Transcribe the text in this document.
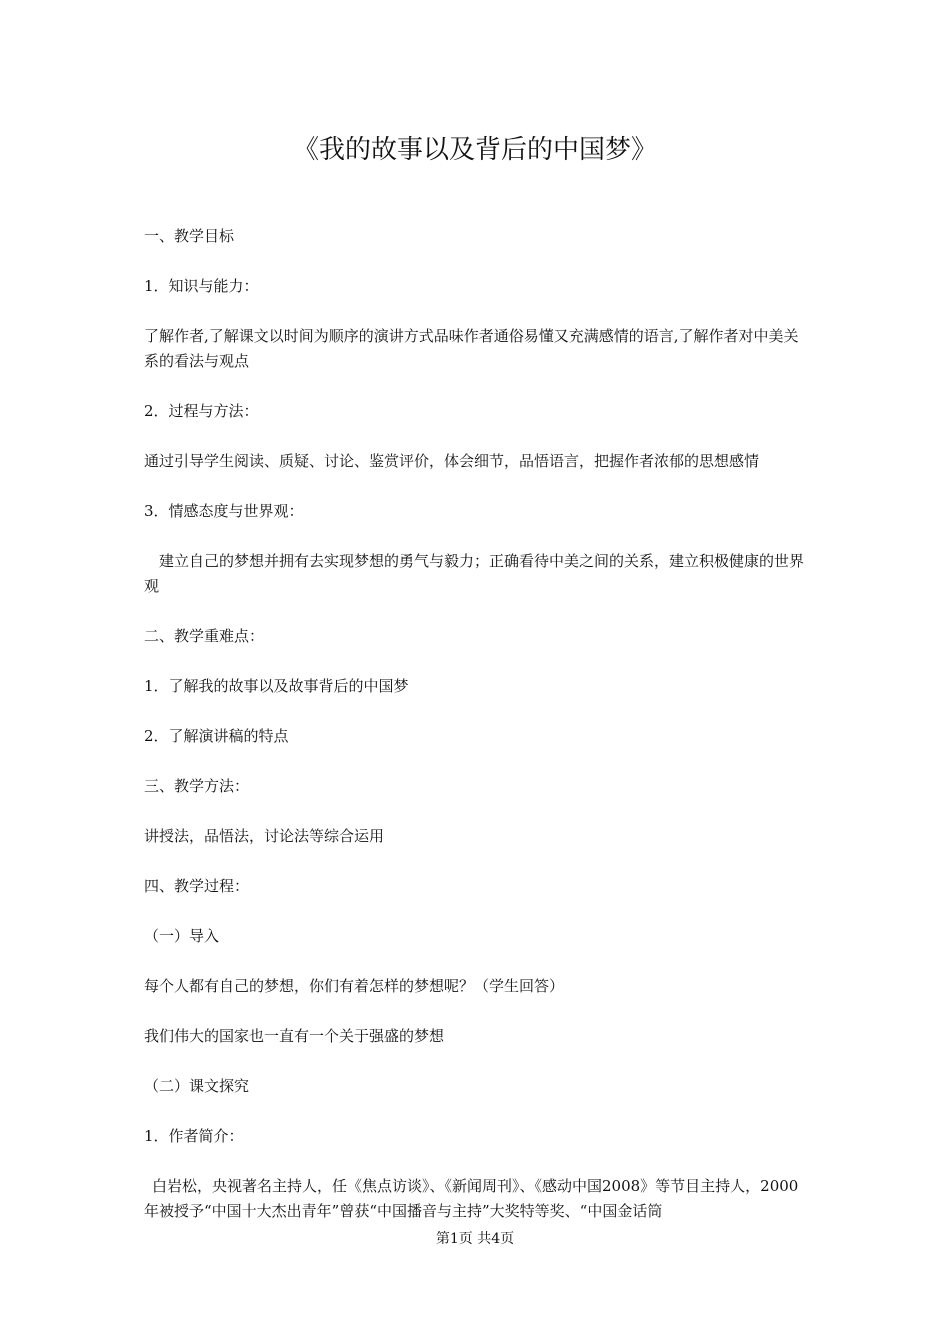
《我的故事以及背后的中国梦》

一、教学目标

1．知识与能力：

了解作者,了解课文以时间为顺序的演讲方式品味作者通俗易懂又充满感情的语言,了解作者对中美关系的看法与观点

2．过程与方法：

通过引导学生阅读、质疑、讨论、鉴赏评价，体会细节，品悟语言，把握作者浓郁的思想感情

3．情感态度与世界观：

建立自己的梦想并拥有去实现梦想的勇气与毅力；正确看待中美之间的关系，建立积极健康的世界观

二、教学重难点：

1．了解我的故事以及故事背后的中国梦

2．了解演讲稿的特点

三、教学方法：

讲授法，品悟法，讨论法等综合运用

四、教学过程：

（一）导入

每个人都有自己的梦想，你们有着怎样的梦想呢？（学生回答）

我们伟大的国家也一直有一个关于强盛的梦想

（二）课文探究

1．作者简介：

白岩松，央视著名主持人，任《焦点访谈》、《新闻周刊》、《感动中国2008》等节目主持人，2000年被授予“中国十大杰出青年”曾获“中国播音与主持”大奖特等奖、“中国金话筒

第1页 共4页
